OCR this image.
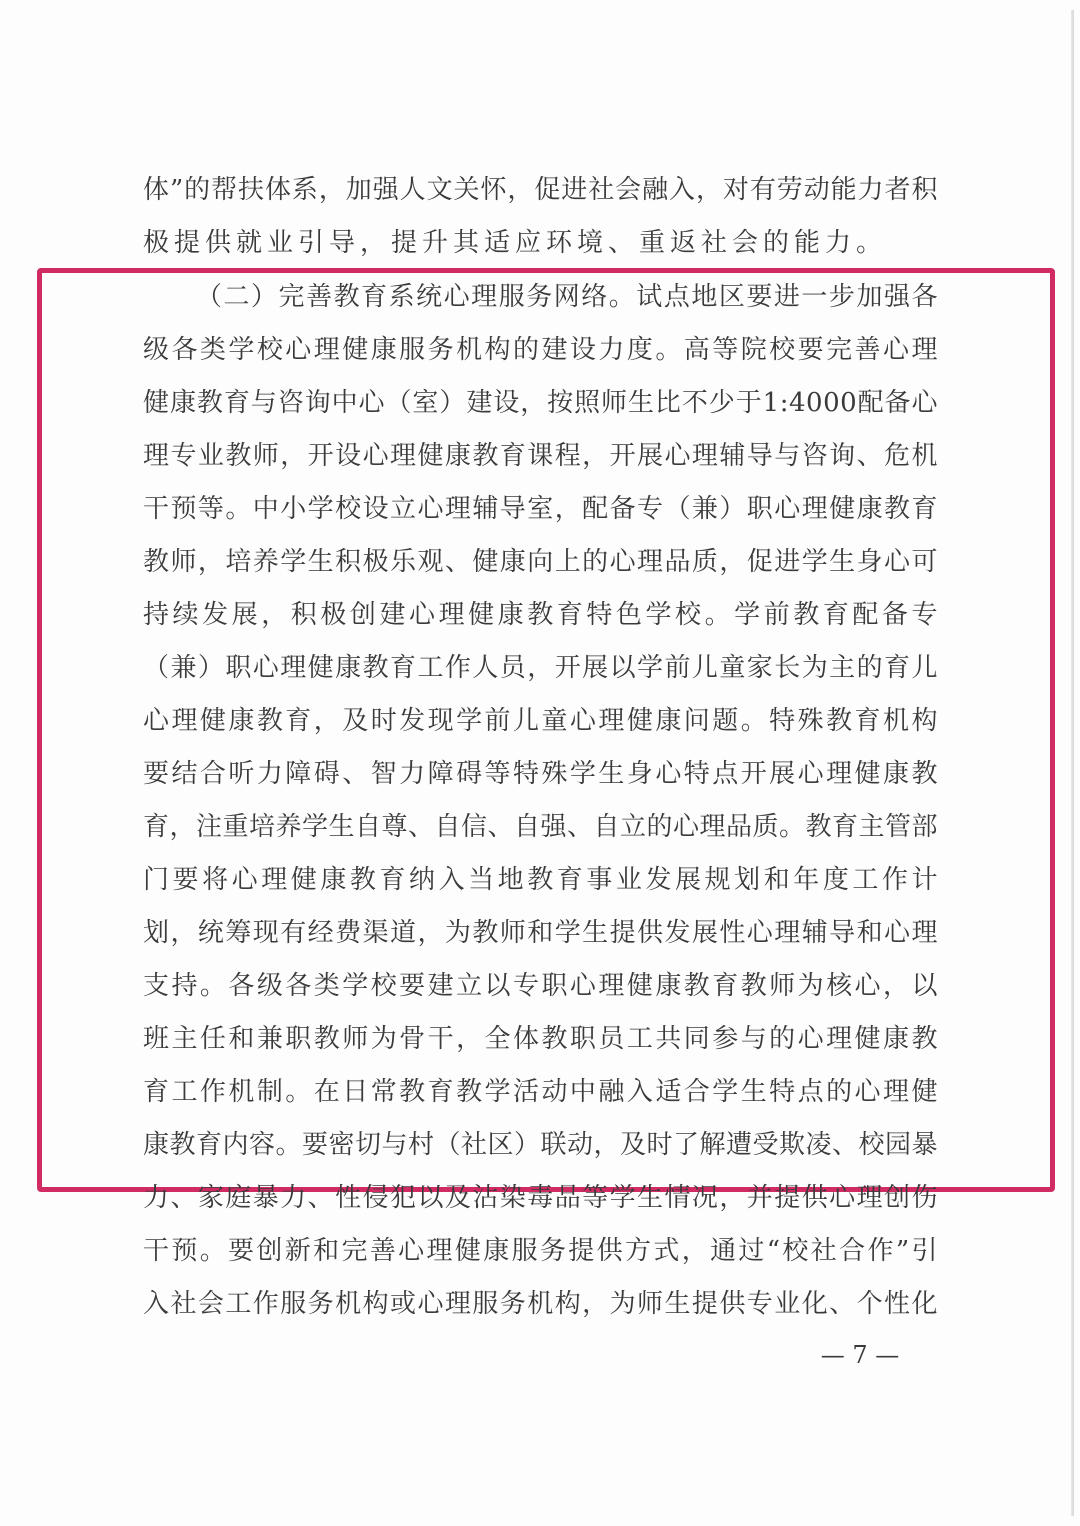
体”的帮扶体系，加强人文关怀，促进社会融入，对有劳动能力者积
极提供就业引导，提升其适应环境、重返社会的能力。
（二）完善教育系统心理服务网络。试点地区要进一步加强各
级各类学校心理健康服务机构的建设力度。高等院校要完善心理
健康教育与咨询中心（室）建设，按照师生比不少于1:4000配备心
理专业教师，开设心理健康教育课程，开展心理辅导与咨询、危机
干预等。中小学校设立心理辅导室，配备专（兼）职心理健康教育
教师，培养学生积极乐观、健康向上的心理品质，促进学生身心可
持续发展，积极创建心理健康教育特色学校。学前教育配备专
（兼）职心理健康教育工作人员，开展以学前儿童家长为主的育儿
心理健康教育，及时发现学前儿童心理健康问题。特殊教育机构
要结合听力障碍、智力障碍等特殊学生身心特点开展心理健康教
育，注重培养学生自尊、自信、自强、自立的心理品质。教育主管部
门要将心理健康教育纳入当地教育事业发展规划和年度工作计
划，统筹现有经费渠道，为教师和学生提供发展性心理辅导和心理
支持。各级各类学校要建立以专职心理健康教育教师为核心，以
班主任和兼职教师为骨干，全体教职员工共同参与的心理健康教
育工作机制。在日常教育教学活动中融入适合学生特点的心理健
康教育内容。要密切与村（社区）联动，及时了解遭受欺凌、校园暴
力、家庭暴力、性侵犯以及沾染毒品等学生情况，并提供心理创伤
干预。要创新和完善心理健康服务提供方式，通过“校社合作”引
入社会工作服务机构或心理服务机构，为师生提供专业化、个性化
— 7 —
